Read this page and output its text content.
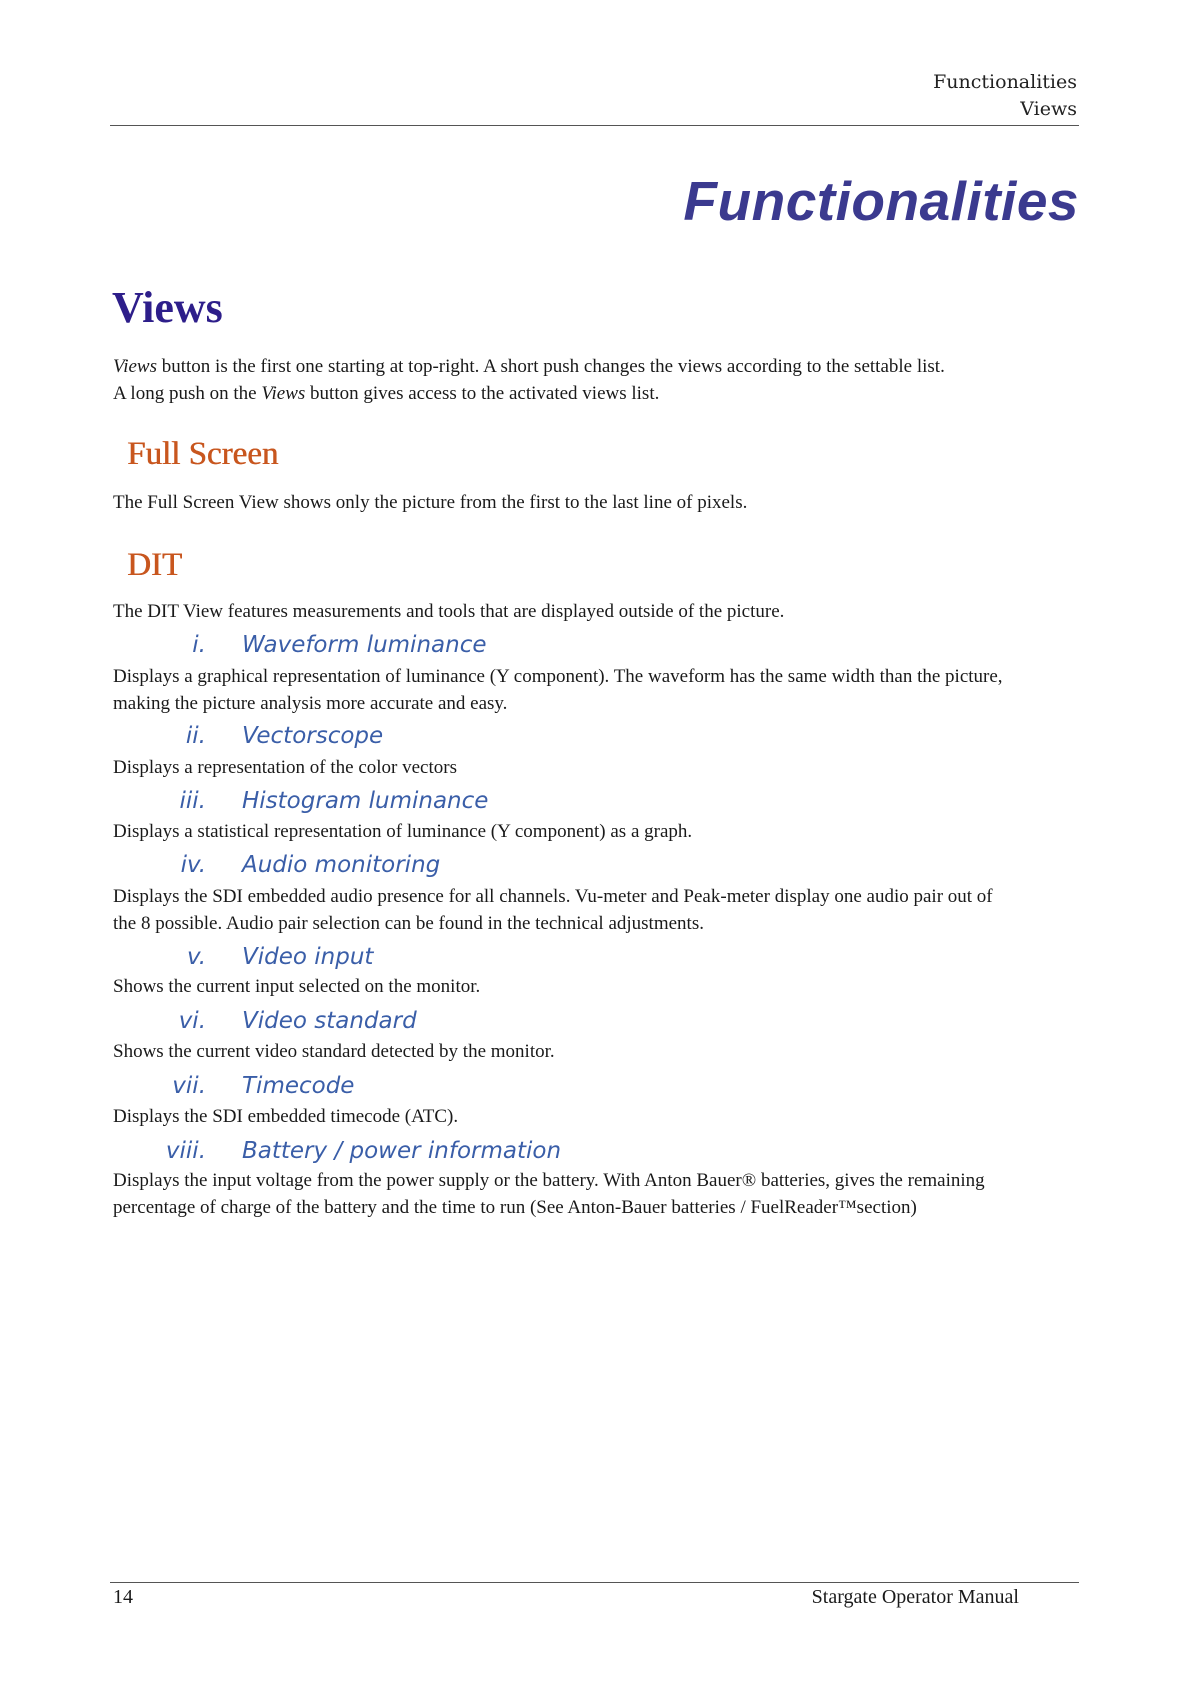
Functionalities
Views
Functionalities
Views
Views button is the first one starting at top-right. A short push changes the views according to the settable list.
A long push on the Views button gives access to the activated views list.
Full Screen
The Full Screen View shows only the picture from the first to the last line of pixels.
DIT
The DIT View features measurements and tools that are displayed outside of the picture.
i. Waveform luminance
Displays a graphical representation of luminance (Y component). The waveform has the same width than the picture,
making the picture analysis more accurate and easy.
ii. Vectorscope
Displays a representation of the color vectors
iii. Histogram luminance
Displays a statistical representation of luminance (Y component) as a graph.
iv. Audio monitoring
Displays the SDI embedded audio presence for all channels. Vu-meter and Peak-meter display one audio pair out of
the 8 possible. Audio pair selection can be found in the technical adjustments.
v. Video input
Shows the current input selected on the monitor.
vi. Video standard
Shows the current video standard detected by the monitor.
vii. Timecode
Displays the SDI embedded timecode (ATC).
viii. Battery / power information
Displays the input voltage from the power supply or the battery. With Anton Bauer® batteries, gives the remaining
percentage of charge of the battery and the time to run (See Anton-Bauer batteries / FuelReader™section)
14	Stargate Operator Manual
